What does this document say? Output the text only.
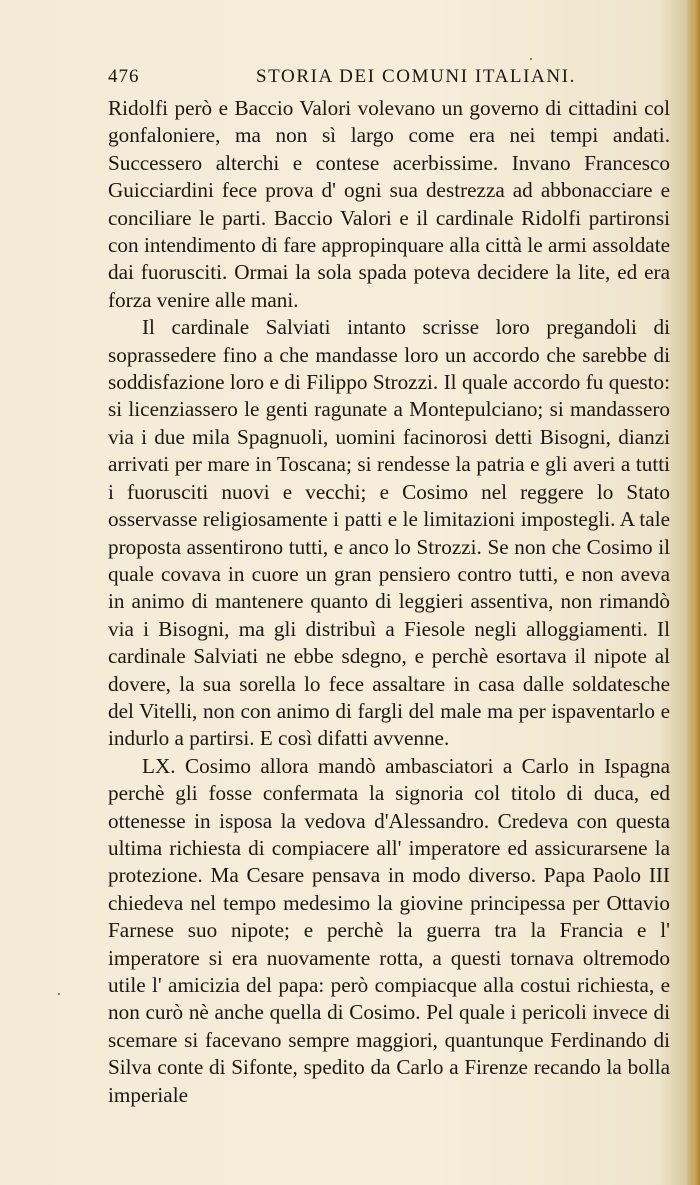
476	STORIA DEI COMUNI ITALIANI.

Ridolfi però e Baccio Valori volevano un governo di cittadini col gonfaloniere, ma non sì largo come era nei tempi andati. Successero alterchi e contese acerbissime. Invano Francesco Guicciardini fece prova d' ogni sua destrezza ad abbonacciare e conciliare le parti. Baccio Valori e il cardinale Ridolfi partironsi con intendimento di fare appropinquare alla città le armi assoldate dai fuorusciti. Ormai la sola spada poteva decidere la lite, ed era forza venire alle mani.

Il cardinale Salviati intanto scrisse loro pregandoli di soprassedere fino a che mandasse loro un accordo che sarebbe di soddisfazione loro e di Filippo Strozzi. Il quale accordo fu questo: si licenziassero le genti ragunate a Montepulciano; si mandassero via i due mila Spagnuoli, uomini facinorosi detti Bisogni, dianzi arrivati per mare in Toscana; si rendesse la patria e gli averi a tutti i fuorusciti nuovi e vecchi; e Cosimo nel reggere lo Stato osservasse religiosamente i patti e le limitazioni impostegli. A tale proposta assentirono tutti, e anco lo Strozzi. Se non che Cosimo il quale covava in cuore un gran pensiero contro tutti, e non aveva in animo di mantenere quanto di leggieri assentiva, non rimandò via i Bisogni, ma gli distribuì a Fiesole negli alloggiamenti. Il cardinale Salviati ne ebbe sdegno, e perchè esortava il nipote al dovere, la sua sorella lo fece assaltare in casa dalle soldatesche del Vitelli, non con animo di fargli del male ma per ispaventarlo e indurlo a partirsi. E così difatti avvenne.

LX. Cosimo allora mandò ambasciatori a Carlo in Ispagna perchè gli fosse confermata la signoria col titolo di duca, ed ottenesse in isposa la vedova d'Alessandro. Credeva con questa ultima richiesta di compiacere all' imperatore ed assicurarsene la protezione. Ma Cesare pensava in modo diverso. Papa Paolo III chiedeva nel tempo medesimo la giovine principessa per Ottavio Farnese suo nipote; e perchè la guerra tra la Francia e l' imperatore si era nuovamente rotta, a questi tornava oltremodo utile l' amicizia del papa: però compiacque alla costui richiesta, e non curò nè anche quella di Cosimo. Pel quale i pericoli invece di scemare si facevano sempre maggiori, quantunque Ferdinando di Silva conte di Sifonte, spedito da Carlo a Firenze recando la bolla imperiale
